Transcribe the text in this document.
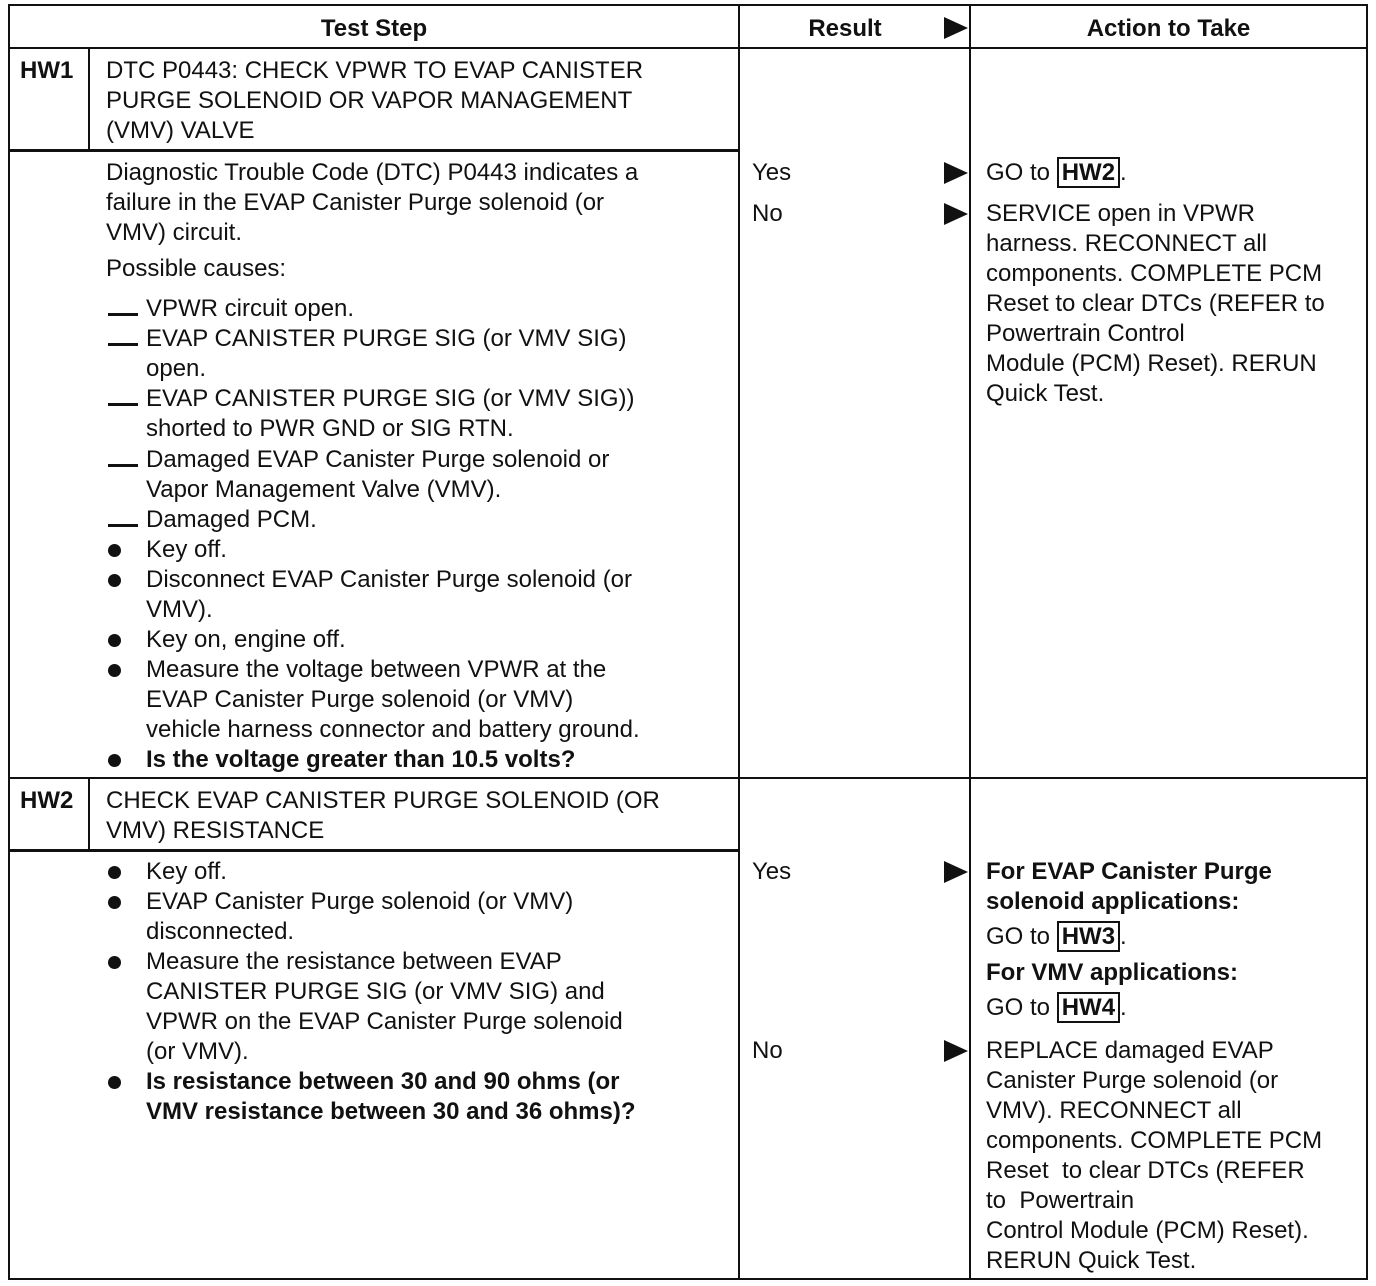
Test Step	Result	Action to Take
HW1 DTC P0443: CHECK VPWR TO EVAP CANISTER
PURGE SOLENOID OR VAPOR MANAGEMENT
(VMV) VALVE
Diagnostic Trouble Code (DTC) P0443 indicates a
failure in the EVAP Canister Purge solenoid (or
VMV) circuit.
Possible causes:
VPWR circuit open.
EVAP CANISTER PURGE SIG (or VMV SIG)
open.
EVAP CANISTER PURGE SIG (or VMV SIG))
shorted to PWR GND or SIG RTN.
Damaged EVAP Canister Purge solenoid or
Vapor Management Valve (VMV).
Damaged PCM.
Key off.
Disconnect EVAP Canister Purge solenoid (or
VMV).
Key on, engine off.
Measure the voltage between VPWR at the
EVAP Canister Purge solenoid (or VMV)
vehicle harness connector and battery ground.
Is the voltage greater than 10.5 volts?
Yes
No
GO to HW2 .
SERVICE open in VPWR
harness. RECONNECT all
components. COMPLETE PCM
Reset to clear DTCs (REFER to
Powertrain Control
Module (PCM) Reset). RERUN
Quick Test.
HW2 CHECK EVAP CANISTER PURGE SOLENOID (OR
VMV) RESISTANCE
Key off.
EVAP Canister Purge solenoid (or VMV)
disconnected.
Measure the resistance between EVAP
CANISTER PURGE SIG (or VMV SIG) and
VPWR on the EVAP Canister Purge solenoid
(or VMV).
Is resistance between 30 and 90 ohms (or
VMV resistance between 30 and 36 ohms)?
Yes
No
For EVAP Canister Purge
solenoid applications:
GO to HW3 .
For VMV applications:
GO to HW4 .
REPLACE damaged EVAP
Canister Purge solenoid (or
VMV). RECONNECT all
components. COMPLETE PCM
Reset  to clear DTCs (REFER
to  Powertrain
Control Module (PCM) Reset).
RERUN Quick Test.
